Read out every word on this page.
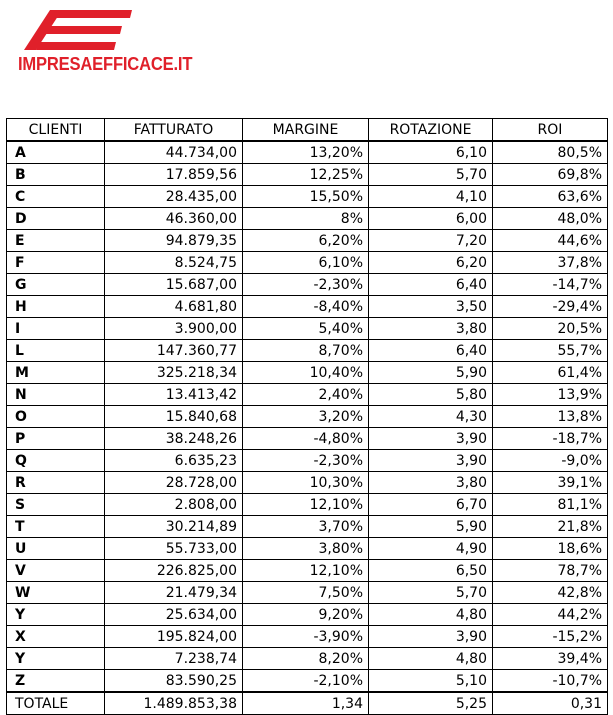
IMPRESAEFFICACE.IT
CLIENTI	FATTURATO	MARGINE	ROTAZIONE	ROI
A	44.734,00	13,20%	6,10	80,5%
B	17.859,56	12,25%	5,70	69,8%
C	28.435,00	15,50%	4,10	63,6%
D	46.360,00	8%	6,00	48,0%
E	94.879,35	6,20%	7,20	44,6%
F	8.524,75	6,10%	6,20	37,8%
G	15.687,00	-2,30%	6,40	-14,7%
H	4.681,80	-8,40%	3,50	-29,4%
I	3.900,00	5,40%	3,80	20,5%
L	147.360,77	8,70%	6,40	55,7%
M	325.218,34	10,40%	5,90	61,4%
N	13.413,42	2,40%	5,80	13,9%
O	15.840,68	3,20%	4,30	13,8%
P	38.248,26	-4,80%	3,90	-18,7%
Q	6.635,23	-2,30%	3,90	-9,0%
R	28.728,00	10,30%	3,80	39,1%
S	2.808,00	12,10%	6,70	81,1%
T	30.214,89	3,70%	5,90	21,8%
U	55.733,00	3,80%	4,90	18,6%
V	226.825,00	12,10%	6,50	78,7%
W	21.479,34	7,50%	5,70	42,8%
Y	25.634,00	9,20%	4,80	44,2%
X	195.824,00	-3,90%	3,90	-15,2%
Y	7.238,74	8,20%	4,80	39,4%
Z	83.590,25	-2,10%	5,10	-10,7%
TOTALE	1.489.853,38	1,34	5,25	0,31
